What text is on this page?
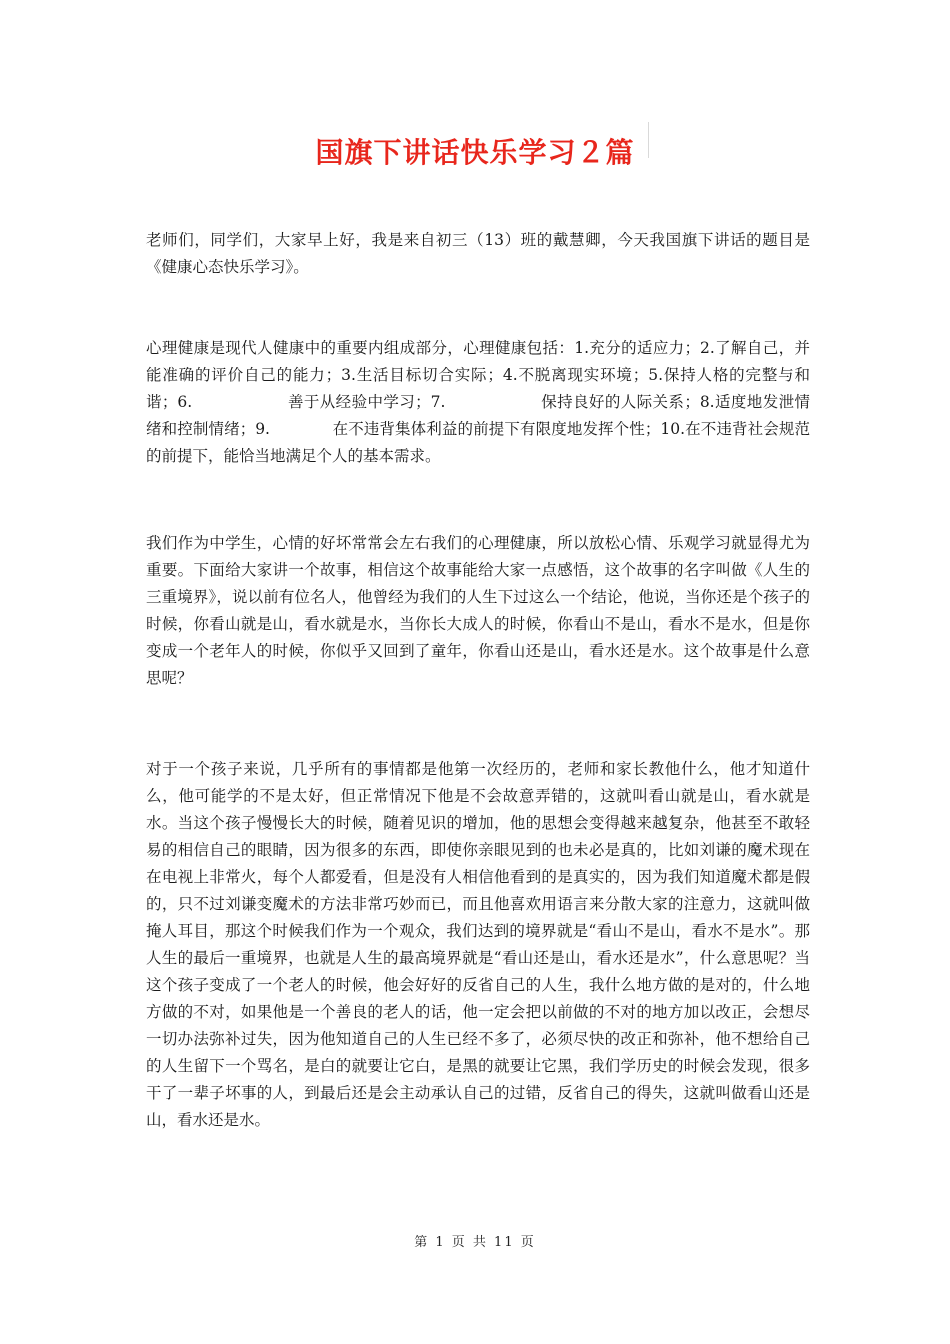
国旗下讲话快乐学习２篇

老师们，同学们，大家早上好，我是来自初三（13）班的戴慧卿，今天我国旗下讲话的题目是《健康心态快乐学习》。

心理健康是现代人健康中的重要内组成部分，心理健康包括：1.充分的适应力；2.了解自己，并能准确的评价自己的能力；3.生活目标切合实际；4.不脱离现实环境；5.保持人格的完整与和谐；6.　　　　　　善于从经验中学习；7.　　　　　　保持良好的人际关系；8.适度地发泄情绪和控制情绪；9.　　　　在不违背集体利益的前提下有限度地发挥个性；10.在不违背社会规范的前提下，能恰当地满足个人的基本需求。

我们作为中学生，心情的好坏常常会左右我们的心理健康，所以放松心情、乐观学习就显得尤为重要。下面给大家讲一个故事，相信这个故事能给大家一点感悟，这个故事的名字叫做《人生的三重境界》，说以前有位名人，他曾经为我们的人生下过这么一个结论，他说，当你还是个孩子的时候，你看山就是山，看水就是水，当你长大成人的时候，你看山不是山，看水不是水，但是你变成一个老年人的时候，你似乎又回到了童年，你看山还是山，看水还是水。这个故事是什么意思呢？

对于一个孩子来说，几乎所有的事情都是他第一次经历的，老师和家长教他什么，他才知道什么，他可能学的不是太好，但正常情况下他是不会故意弄错的，这就叫看山就是山，看水就是水。当这个孩子慢慢长大的时候，随着见识的增加，他的思想会变得越来越复杂，他甚至不敢轻易的相信自己的眼睛，因为很多的东西，即使你亲眼见到的也未必是真的，比如刘谦的魔术现在在电视上非常火，每个人都爱看，但是没有人相信他看到的是真实的，因为我们知道魔术都是假的，只不过刘谦变魔术的方法非常巧妙而已，而且他喜欢用语言来分散大家的注意力，这就叫做掩人耳目，那这个时候我们作为一个观众，我们达到的境界就是“看山不是山，看水不是水”。那人生的最后一重境界，也就是人生的最高境界就是“看山还是山，看水还是水”，什么意思呢？当这个孩子变成了一个老人的时候，他会好好的反省自己的人生，我什么地方做的是对的，什么地方做的不对，如果他是一个善良的老人的话，他一定会把以前做的不对的地方加以改正，会想尽一切办法弥补过失，因为他知道自己的人生已经不多了，必须尽快的改正和弥补，他不想给自己的人生留下一个骂名，是白的就要让它白，是黑的就要让它黑，我们学历史的时候会发现，很多干了一辈子坏事的人，到最后还是会主动承认自己的过错，反省自己的得失，这就叫做看山还是山，看水还是水。

第 1 页 共 11 页
